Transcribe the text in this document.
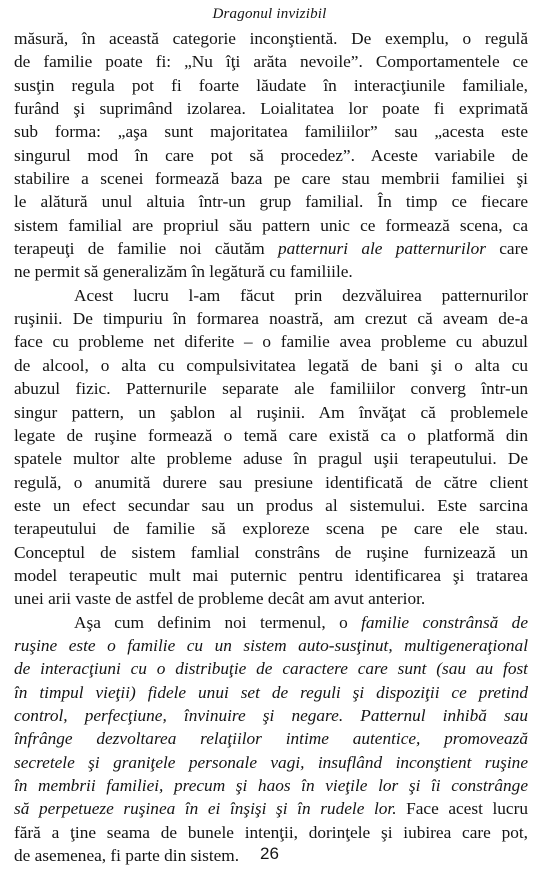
Dragonul invizibil
măsură, în această categorie inconştientă. De exemplu, o regulă
de familie poate fi: „Nu îţi arăta nevoile”. Comportamentele ce
susţin regula pot fi foarte lăudate în interacţiunile familiale,
furând şi suprimând izolarea. Loialitatea lor poate fi exprimată
sub forma: „aşa sunt majoritatea familiilor” sau „acesta este
singurul mod în care pot să procedez”. Aceste variabile de
stabilire a scenei formează baza pe care stau membrii familiei şi
le alătură unul altuia într-un grup familial. În timp ce fiecare
sistem familial are propriul său pattern unic ce formează scena, ca
terapeuţi de familie noi căutăm patternuri ale patternurilor care
ne permit să generalizăm în legătură cu familiile.
Acest lucru l-am făcut prin dezvăluirea patternurilor
ruşinii. De timpuriu în formarea noastră, am crezut că aveam de-a
face cu probleme net diferite – o familie avea probleme cu abuzul
de alcool, o alta cu compulsivitatea legată de bani şi o alta cu
abuzul fizic. Patternurile separate ale familiilor converg într-un
singur pattern, un şablon al ruşinii. Am învăţat că problemele
legate de ruşine formează o temă care există ca o platformă din
spatele multor alte probleme aduse în pragul uşii terapeutului. De
regulă, o anumită durere sau presiune identificată de către client
este un efect secundar sau un produs al sistemului. Este sarcina
terapeutului de familie să exploreze scena pe care ele stau.
Conceptul de sistem famlial constrâns de ruşine furnizează un
model terapeutic mult mai puternic pentru identificarea şi tratarea
unei arii vaste de astfel de probleme decât am avut anterior.
Aşa cum definim noi termenul, o familie constrânsă de
ruşine este o familie cu un sistem auto-susţinut, multigeneraţional
de interacţiuni cu o distribuţie de caractere care sunt (sau au fost
în timpul vieţii) fidele unui set de reguli şi dispoziţii ce pretind
control, perfecţiune, învinuire şi negare. Patternul inhibă sau
înfrânge dezvoltarea relaţiilor intime autentice, promovează
secretele şi graniţele personale vagi, insuflând inconştient ruşine
în membrii familiei, precum şi haos în vieţile lor şi îi constrânge
să perpetueze ruşinea în ei înşişi şi în rudele lor. Face acest lucru
fără a ţine seama de bunele intenţii, dorinţele şi iubirea care pot,
de asemenea, fi parte din sistem.	26
